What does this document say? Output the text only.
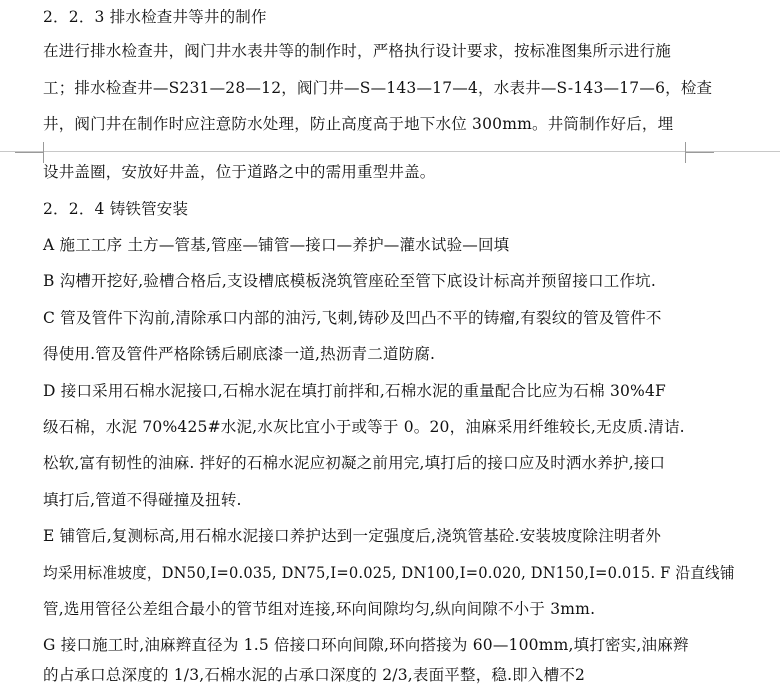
2．2．3 排水检查井等井的制作
在进行排水检查井，阀门井水表井等的制作时，严格执行设计要求，按标准图集所示进行施
工；排水检查井—S231—28—12，阀门井—S—143—17—4，水表井—S-143—17—6，检查
井，阀门井在制作时应注意防水处理，防止高度高于地下水位 300mm。井筒制作好后，埋
设井盖圈，安放好井盖，位于道路之中的需用重型井盖。
2．2．4 铸铁管安装
A 施工工序 土方—管基,管座—铺管—接口—养护—灌水试验—回填
B 沟槽开挖好,验槽合格后,支设槽底模板浇筑管座砼至管下底设计标高并预留接口工作坑.
C 管及管件下沟前,清除承口内部的油污,飞刺,铸砂及凹凸不平的铸瘤,有裂纹的管及管件不
得使用.管及管件严格除锈后刷底漆一道,热沥青二道防腐.
D 接口采用石棉水泥接口,石棉水泥在填打前拌和,石棉水泥的重量配合比应为石棉 30%4F
级石棉，水泥 70%425#水泥,水灰比宜小于或等于 0。20，油麻采用纤维较长,无皮质.清诘.
松软,富有韧性的油麻. 拌好的石棉水泥应初凝之前用完,填打后的接口应及时洒水养护,接口
填打后,管道不得碰撞及扭转.
E 铺管后,复测标高,用石棉水泥接口养护达到一定强度后,浇筑管基砼.安装坡度除注明者外
均采用标准坡度，DN50,I=0.035, DN75,I=0.025, DN100,I=0.020, DN150,I=0.015. F 沿直线铺
管,选用管径公差组合最小的管节组对连接,环向间隙均匀,纵向间隙不小于 3mm.
G 接口施工时,油麻辫直径为 1.5 倍接口环向间隙,环向搭接为 60—100mm,填打密实,油麻辫
的占承口总深度的 1/3,石棉水泥的占承口深度的 2/3,表面平整，稳.即入槽不2
